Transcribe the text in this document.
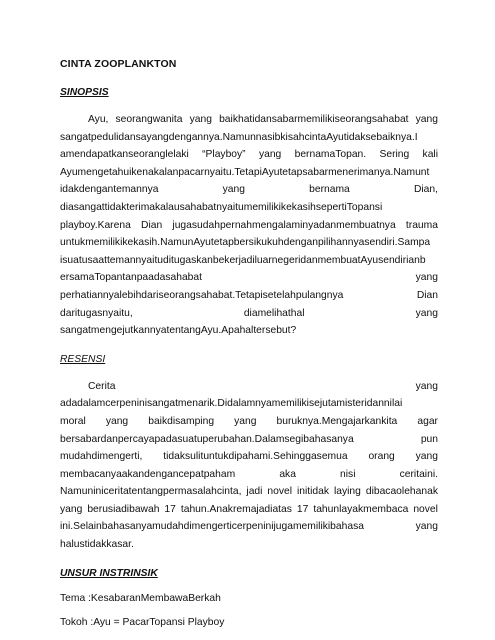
CINTA ZOOPLANKTON
SINOPSIS
Ayu, seorangwanita yang baikhatidansabarmemilikiseorangsahabat yang
sangatpedulidansayangdengannya.NamunnasibkisahcintaAyutidaksebaiknya.I
amendapatkanseoranglelaki “Playboy” yang bernamaTopan. Sering kali
Ayumengetahuikenakalanpacarnyaitu.TetapiAyutetapsabarmenerimanya.Namunt
idakdengantemannya	yang	bernama	Dian,
diasangattidakterimakalausahabatnyaitumemilikikekasihsepertiTopansi
playboy.Karena Dian jugasudahpernahmengalaminyadanmembuatnya trauma
untukmemilikikekasih.NamunAyutetapbersikukuhdenganpilihannyasendiri.Sampa
isuatusaattemannyaituditugaskanbekerjadiluarnegeridanmembuatAyusendirianb
ersamaTopantanpaadasahabat	yang
perhatiannyalebihdariseorangsahabat.Tetapisetelahpulangnya	Dian
daritugasnyaitu,	diamelihathal	yang
sangatmengejutkannyatentangAyu.Apahaltersebut?
RESENSI
Cerita	yang
adadalamcerpeninisangatmenarik.Didalamnyamemilikisejutamisteridannilai
moral yang baikdisamping yang buruknya.Mengajarkankita agar
bersabardanpercayapadasuatuperubahan.Dalamsegibahasanya	pun
mudahdimengerti, tidaksulituntukdipahami.Sehinggasemua orang yang
membacanyaakandengancepatpaham	aka	nisi	ceritaini.
Namuniniceritatentangpermasalahcinta, jadi novel initidak laying dibacaolehanak
yang berusiadibawah 17 tahun.Anakremajadiatas 17 tahunlayakmembaca novel
ini.Selainbahasanyamudahdimengerticerpeninijugamemilikibahasa	yang
halustidakkasar.
UNSUR INSTRINSIK
Tema :KesabaranMembawaBerkah
Tokoh :Ayu = PacarTopansi Playboy
